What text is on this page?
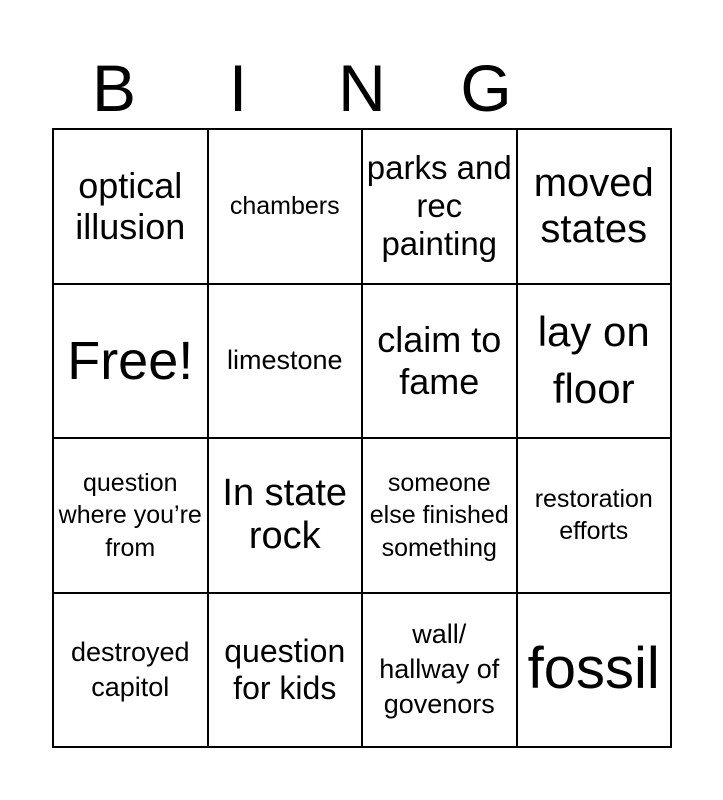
B	I	N	G
optical illusion
chambers
parks and rec painting
moved states
Free! limestone claim to fame
lay on floor
question where you’re from
In state rock
someone else finished something
restoration efforts
destroyed capitol
question for kids
wall/ hallway of govenors
fossil
